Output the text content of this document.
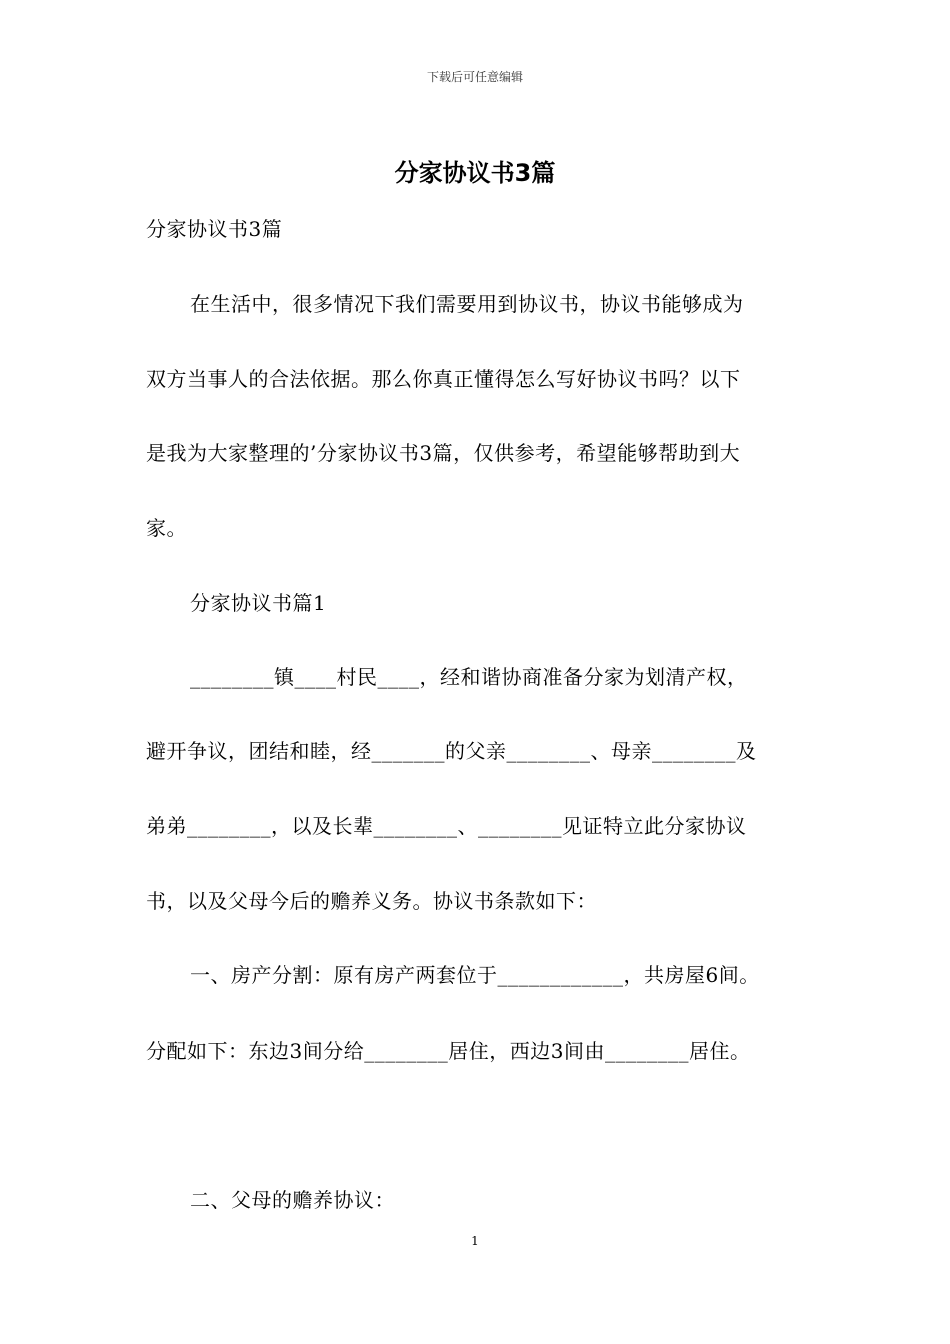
下载后可任意编辑
分家协议书3篇
分家协议书3篇
在生活中，很多情况下我们需要用到协议书，协议书能够成为
双方当事人的合法依据。那么你真正懂得怎么写好协议书吗？以下
是我为大家整理的’分家协议书3篇，仅供参考，希望能够帮助到大
家。
分家协议书篇1
________镇____村民____，经和谐协商准备分家为划清产权，
避开争议，团结和睦，经_______的父亲________、母亲________及
弟弟________，以及长辈________、________见证特立此分家协议
书，以及父母今后的赡养义务。协议书条款如下：
一、房产分割：原有房产两套位于____________，共房屋6间。
分配如下：东边3间分给________居住，西边3间由________居住。
二、父母的赡养协议：
1
